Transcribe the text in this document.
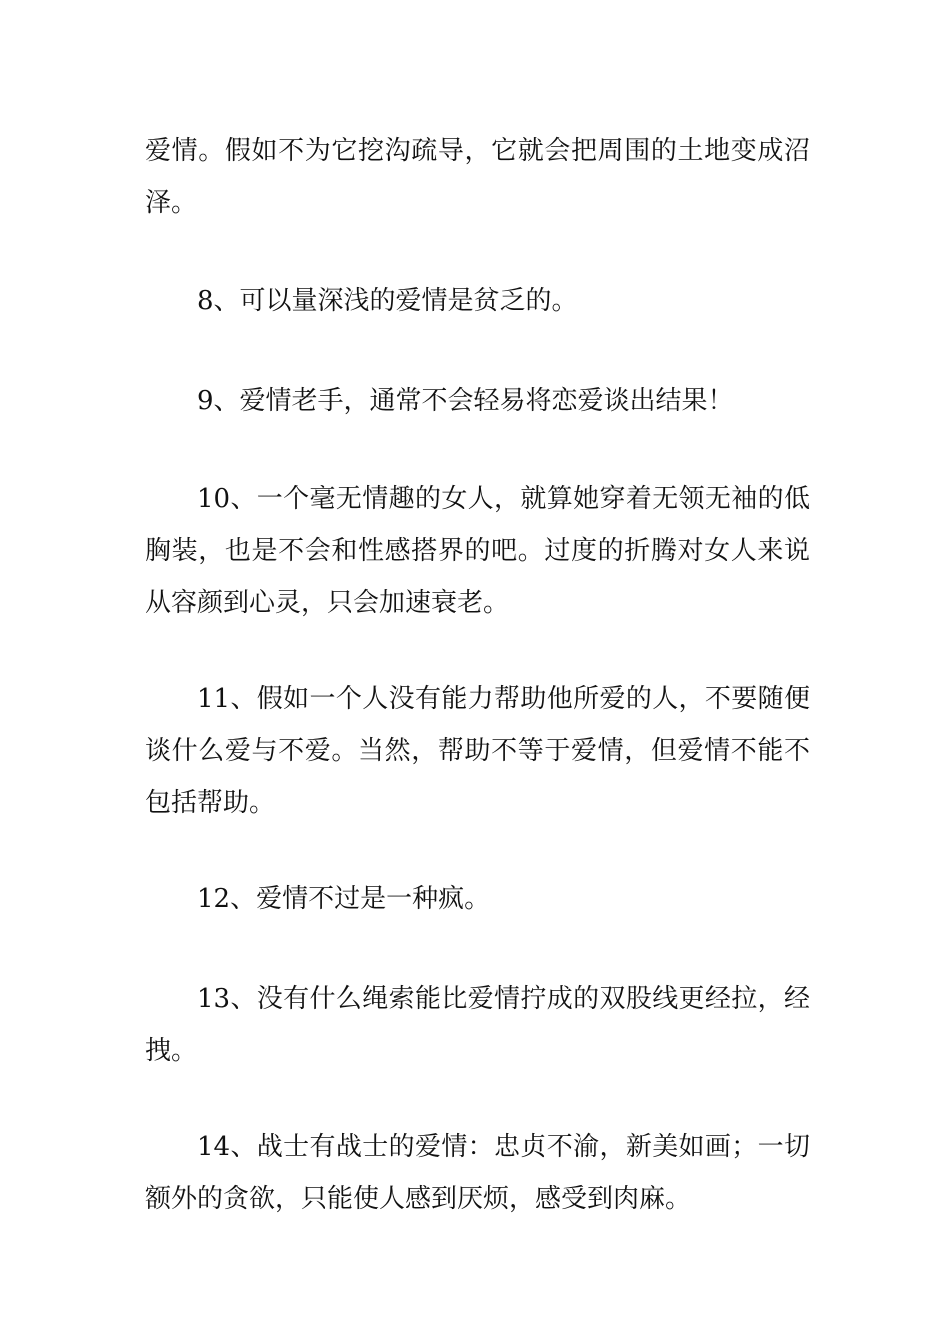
爱情。假如不为它挖沟疏导，它就会把周围的土地变成沼泽。

8、可以量深浅的爱情是贫乏的。

9、爱情老手，通常不会轻易将恋爱谈出结果！

10、一个毫无情趣的女人，就算她穿着无领无袖的低胸装，也是不会和性感搭界的吧。过度的折腾对女人来说从容颜到心灵，只会加速衰老。

11、假如一个人没有能力帮助他所爱的人，不要随便谈什么爱与不爱。当然，帮助不等于爱情，但爱情不能不包括帮助。

12、爱情不过是一种疯。

13、没有什么绳索能比爱情拧成的双股线更经拉，经拽。

14、战士有战士的爱情：忠贞不渝，新美如画；一切额外的贪欲，只能使人感到厌烦，感受到肉麻。
